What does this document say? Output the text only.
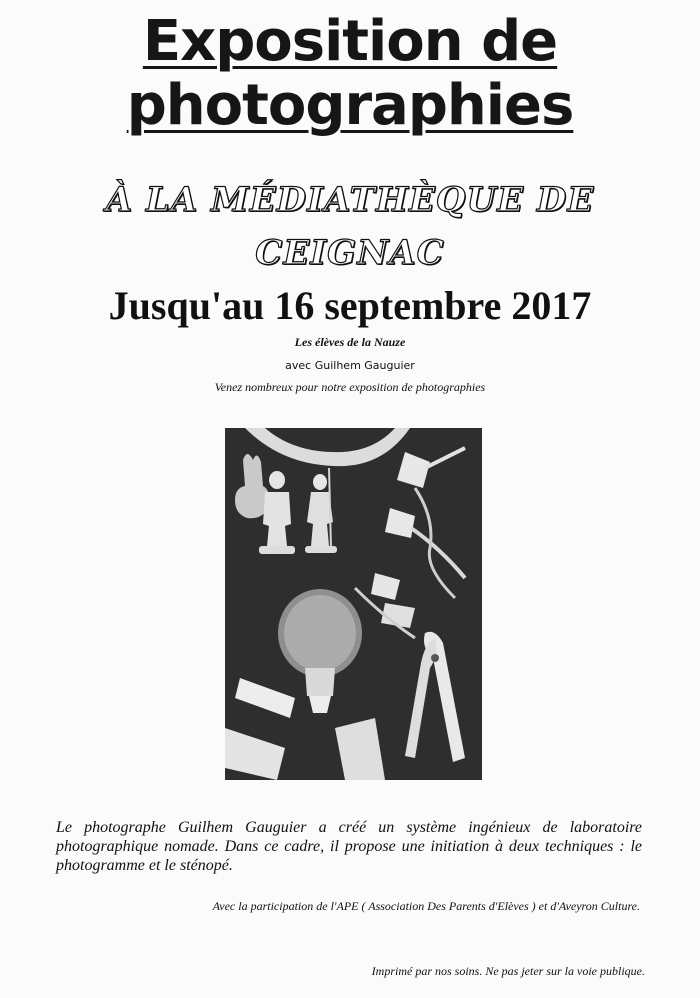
Exposition de
photographies
À LA MÉDIATHÈQUE DE
CEIGNAC
Jusqu'au 16 septembre 2017
Les élèves de la Nauze
avec Guilhem Gauguier
Venez nombreux pour notre exposition de photographies
Le photographe Guilhem Gauguier a créé un système ingénieux de laboratoire photographique nomade. Dans ce cadre, il propose une initiation à deux techniques : le photogramme et le sténopé.
Avec la participation de l'APE ( Association Des Parents d'Elèves ) et d'Aveyron Culture.
Imprimé par nos soins. Ne pas jeter sur la voie publique.
